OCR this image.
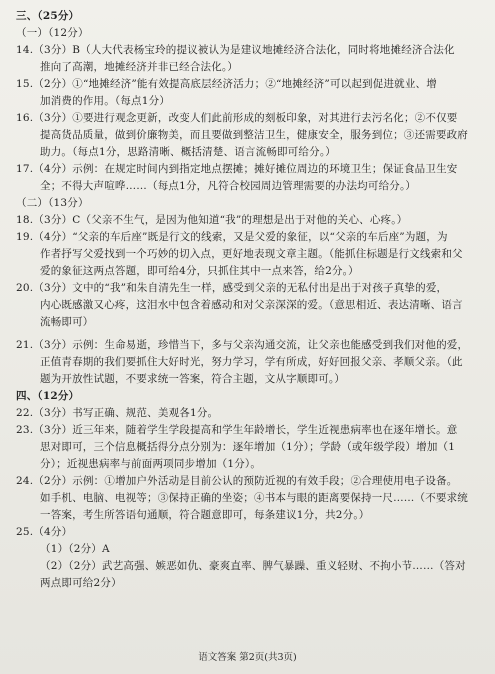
三、（25分）
（一）（12分）
14.（3分）B（人大代表杨宝玲的提议被认为是建议地摊经济合法化，同时将地摊经济合法化
推向了高潮，地摊经济并非已经合法化。）
15.（2分）①“地摊经济”能有效提高底层经济活力；②“地摊经济”可以起到促进就业、增
加消费的作用。（每点1分）
16.（3分）①要进行观念更新，改变人们此前形成的刻板印象，对其进行去污名化；②不仅要
提高货品质量，做到价廉物美，而且要做到整洁卫生，健康安全，服务到位；③还需要政府
助力。（每点1分，思路清晰、概括清楚、语言流畅即可给分。）
17.（4分）示例：在规定时间内到指定地点摆摊；摊好摊位周边的环境卫生；保证食品卫生安
全；不得大声喧哗……（每点1分，凡符合校园周边管理需要的办法均可给分。）
（二）（13分）
18.（3分）C（父亲不生气，是因为他知道“我”的理想是出于对他的关心、心疼。）
19.（4分）“父亲的车后座”既是行文的线索，又是父爱的象征，以“父亲的车后座”为题，为
作者抒写父爱找到一个巧妙的切入点，更好地表现文章主题。（能抓住标题是行文线索和父
爱的象征这两点答题，即可给4分，只抓住其中一点来答，给2分。）
20.（3分）文中的“我”和朱自清先生一样，感受到父亲的无私付出是出于对孩子真挚的爱，
内心既感激又心疼，这泪水中包含着感动和对父亲深深的爱。（意思相近、表达清晰、语言
流畅即可）
21.（3分）示例：生命易逝，珍惜当下，多与父亲沟通交流，让父亲也能感受到我们对他的爱，
正值青春期的我们要抓住大好时光，努力学习，学有所成，好好回报父亲、孝顺父亲。（此
题为开放性试题，不要求统一答案，符合主题，文从字顺即可。）
四、（12分）
22.（3分）书写正确、规范、美观各1分。
23.（3分）近三年来，随着学生学段提高和学生年龄增长，学生近视患病率也在逐年增长。意
思对即可，三个信息概括得分点分别为：逐年增加（1分）；学龄（或年级学段）增加（1
分）；近视患病率与前面两项同步增加（1分）。
24.（2分）示例：①增加户外活动是目前公认的预防近视的有效手段；②合理使用电子设备。
如手机、电脑、电视等；③保持正确的坐姿；④书本与眼的距离要保持一尺……（不要求统
一答案，考生所答语句通顺，符合题意即可，每条建议1分，共2分。）
25.（4分）
（1）（2分）A
（2）（2分）武艺高强、嫉恶如仇、豪爽直率、脾气暴躁、重义轻财、不拘小节……（答对
两点即可给2分）
语文答案 第2页(共3页)
